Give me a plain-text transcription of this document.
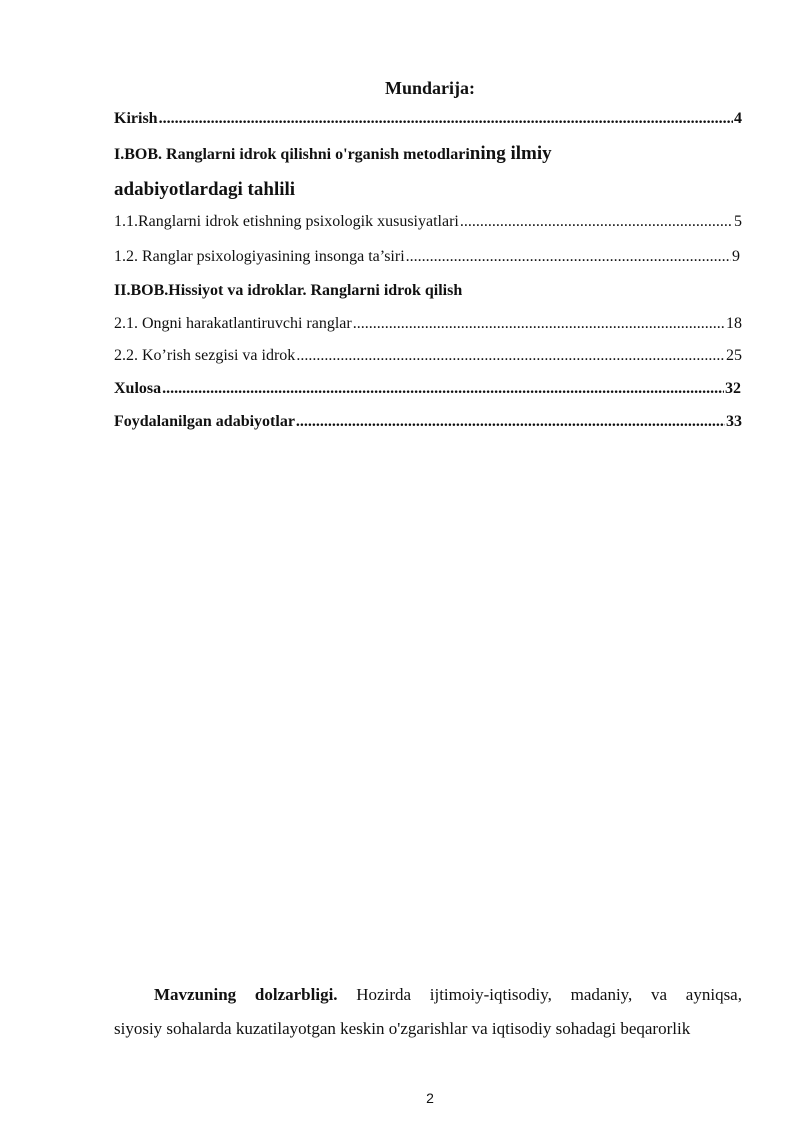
Mundarija:
Kirish .....	4
I.BOB. Ranglarni idrok qilishni o'rganish metodlarining ilmiy
adabiyotlardagi tahlili
1.1.Ranglarni idrok etishning psixologik xususiyatlari .....	5
1.2. Ranglar psixologiyasining insonga ta’siri .....	9
II.BOB.Hissiyot va idroklar. Ranglarni idrok qilish
2.1. Ongni harakatlantiruvchi ranglar .....	18
2.2. Ko’rish sezgisi va idrok .....	25
Xulosa .....	32
Foydalanilgan adabiyotlar .....	33
Mavzuning dolzarbligi. Hozirda ijtimoiy-iqtisodiy, madaniy, va ayniqsa,
siyosiy sohalarda kuzatilayotgan keskin o'zgarishlar va iqtisodiy sohadagi beqarorlik
2
